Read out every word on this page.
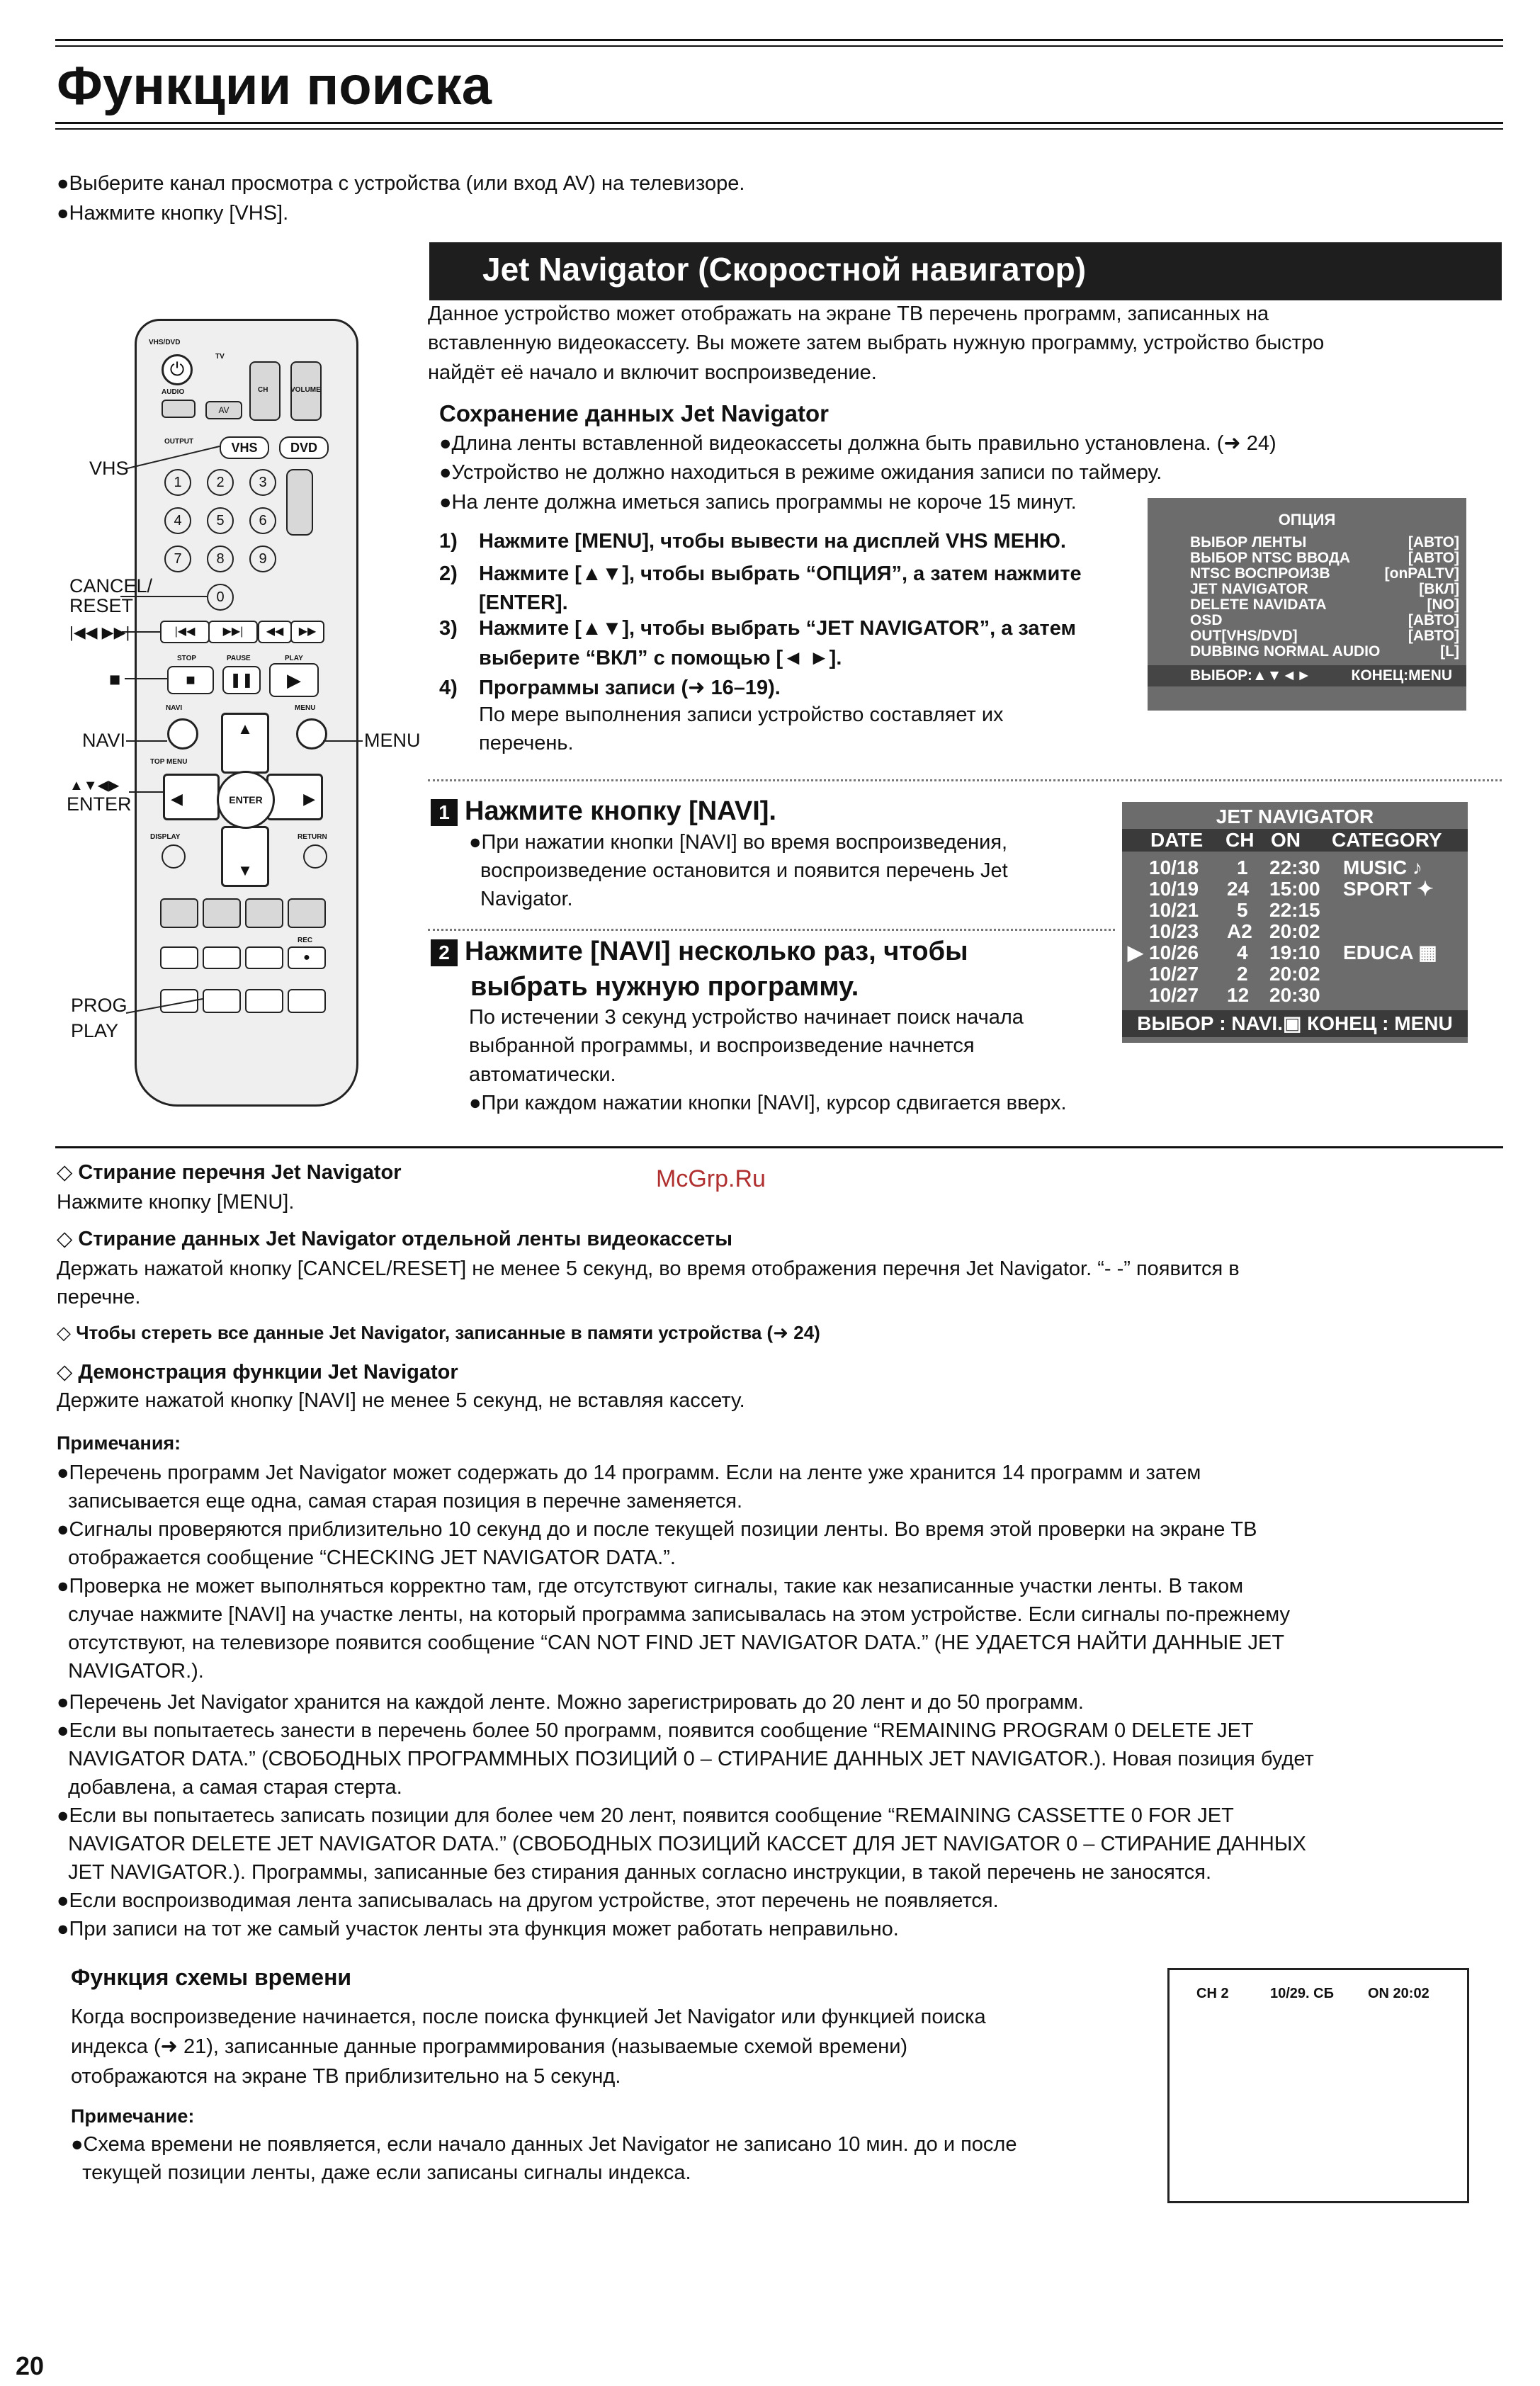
Функции поиска
●Выберите канал просмотра с устройства (или вход AV) на телевизоре.
●Нажмите кнопку [VHS].
Jet Navigator (Скоростной навигатор)
Данное устройство может отображать на экране ТВ перечень программ, записанных на
вставленную видеокассету. Вы можете затем выбрать нужную программу, устройство быстро
найдёт её начало и включит воспроизведение.
Сохранение данных Jet Navigator
●Длина ленты вставленной видеокассеты должна быть правильно установлена. (➜ 24)
●Устройство не должно находиться в режиме ожидания записи по таймеру.
●На ленте должна иметься запись программы не короче 15 минут.
1) Нажмите [MENU], чтобы вывести на дисплей VHS МЕНЮ.
2) Нажмите [▲▼], чтобы выбрать “ОПЦИЯ”, а затем нажмите
[ENTER].
3) Нажмите [▲▼], чтобы выбрать “JET NAVIGATOR”, а затем
выберите “ВКЛ” с помощью [◄ ►].
4) Программы записи (➜ 16–19).
По мере выполнения записи устройство составляет их
перечень.
ОПЦИЯ
ВЫБОР ЛЕНТЫ	[АВТО]
ВЫБОР NTSC ВВОДА	[АВТО]
NTSC ВОСПРОИЗВ	[onPALTV]
JET NAVIGATOR	[ВКЛ]
DELETE NAVIDATA	[NO]
OSD	[АВТО]
OUT[VHS/DVD]	[АВТО]
DUBBING NORMAL AUDIO	[L]
ВЫБОР:▲▼◄►	КОНЕЦ:MENU
1 Нажмите кнопку [NAVI].
●При нажатии кнопки [NAVI] во время воспроизведения,
воспроизведение остановится и появится перечень Jet
Navigator.
2 Нажмите [NAVI] несколько раз, чтобы
выбрать нужную программу.
По истечении 3 секунд устройство начинает поиск начала
выбранной программы, и воспроизведение начнется
автоматически.
●При каждом нажатии кнопки [NAVI], курсор сдвигается вверх.
JET NAVIGATOR
DATE CH ON CATEGORY
10/18 1 22:30 MUSIC ♪
10/19 24 15:00 SPORT ✦
10/21 5 22:15
10/23 A2 20:02
▶ 10/26 4 19:10 EDUCA ▦
10/27 2 20:02
10/27 12 20:30
ВЫБОР : NAVI.▣ КОНЕЦ : MENU
VHS/DVD
⏻
TV
CH	VOLUME
AUDIO
AV
OUTPUT	VHS	DVD
1	2	3
4	5	6
7	8	9
0
|◀◀	▶▶|	◀◀	▶▶
STOP	PAUSE	PLAY
■	❚❚	▶
NAVI	MENU
TOP MENU
▲
▼
◀	▶
ENTER
DISPLAY	RETURN
●
REC
VHS
CANCEL/
RESET
|◀◀ ▶▶|
■
NAVI	MENU
▲▼◀▶
ENTER
PROG
PLAY
McGrp.Ru
◇ Стирание перечня Jet Navigator
Нажмите кнопку [MENU].
◇ Стирание данных Jet Navigator отдельной ленты видеокассеты
Держать нажатой кнопку [CANCEL/RESET] не менее 5 секунд, во время отображения перечня Jet Navigator. “- -” появится в
перечне.
◇ Чтобы стереть все данные Jet Navigator, записанные в памяти устройства (➜ 24)
◇ Демонстрация функции Jet Navigator
Держите нажатой кнопку [NAVI] не менее 5 секунд, не вставляя кассету.
Примечания:
●Перечень программ Jet Navigator может содержать до 14 программ. Если на ленте уже хранится 14 программ и затем
записывается еще одна, самая старая позиция в перечне заменяется.
●Сигналы проверяются приблизительно 10 секунд до и после текущей позиции ленты. Во время этой проверки на экране ТВ
отображается сообщение “CHECKING JET NAVIGATOR DATA.”.
●Проверка не может выполняться корректно там, где отсутствуют сигналы, такие как незаписанные участки ленты. В таком
случае нажмите [NAVI] на участке ленты, на который программа записывалась на этом устройстве. Если сигналы по-прежнему
отсутствуют, на телевизоре появится сообщение “CAN NOT FIND JET NAVIGATOR DATA.” (НЕ УДАЕТСЯ НАЙТИ ДАННЫЕ JET
NAVIGATOR.).
●Перечень Jet Navigator хранится на каждой ленте. Можно зарегистрировать до 20 лент и до 50 программ.
●Если вы попытаетесь занести в перечень более 50 программ, появится сообщение “REMAINING PROGRAM 0 DELETE JET
NAVIGATOR DATA.” (СВОБОДНЫХ ПРОГРАММНЫХ ПОЗИЦИЙ 0 – СТИРАНИЕ ДАННЫХ JET NAVIGATOR.). Новая позиция будет
добавлена, а самая старая стерта.
●Если вы попытаетесь записать позиции для более чем 20 лент, появится сообщение “REMAINING CASSETTE 0 FOR JET
NAVIGATOR DELETE JET NAVIGATOR DATA.” (СВОБОДНЫХ ПОЗИЦИЙ КАССЕТ ДЛЯ JET NAVIGATOR 0 – СТИРАНИЕ ДАННЫХ
JET NAVIGATOR.). Программы, записанные без стирания данных согласно инструкции, в такой перечень не заносятся.
●Если воспроизводимая лента записывалась на другом устройстве, этот перечень не появляется.
●При записи на тот же самый участок ленты эта функция может работать неправильно.
Функция схемы времени
Когда воспроизведение начинается, после поиска функцией Jet Navigator или функцией поиска
индекса (➜ 21), записанные данные программирования (называемые схемой времени)
отображаются на экране ТВ приблизительно на 5 секунд.
Примечание:
●Схема времени не появляется, если начало данных Jet Navigator не записано 10 мин. до и после
текущей позиции ленты, даже если записаны сигналы индекса.
CH 2	10/29. СБ ON 20:02
20
